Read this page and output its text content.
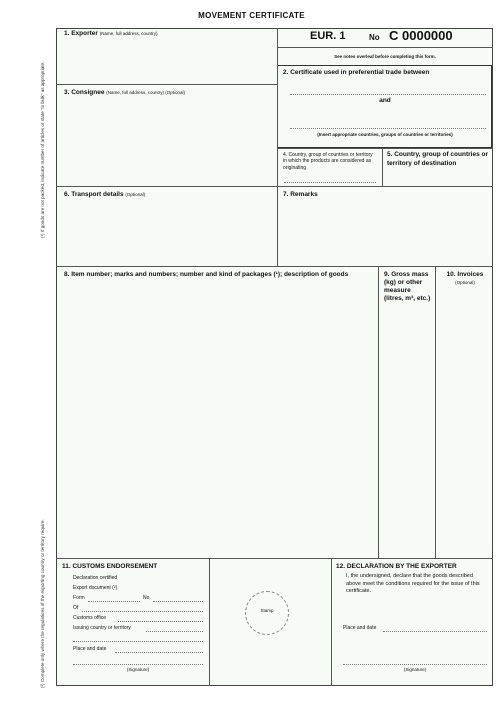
MOVEMENT CERTIFICATE
(¹) If goods are not packed, indicate number of articles or state "in bulk" as appropriate.
(²) Complete only where the regulations of the exporting country or territory require.
1. Exporter (Name, full address, country)	EUR. 1	No C 0000000
See notes overleaf before completing this form.
2. Certificate used in preferential trade between
and
(Insert appropriate countries, groups of countries or territories)
3. Consignee (Name, full address, country) (Optional)
4. Country, group of countries or territory in which the products are considered as originating
5. Country, group of countries or territory of destination
6. Transport details (Optional)	7. Remarks
8. Item number; marks and numbers; number and kind of packages (¹); description of goods	9. Gross mass (kg) or other measure (litres, m³, etc.)
10. Invoices
(Optional)
11. CUSTOMS ENDORSEMENT
Declaration certified
Export document (²)
Form	No.
Of
Customs office
Issuing country or territory
Place and date
(Signature)
Stamp
12. DECLARATION BY THE EXPORTER
I, the undersigned, declare that the goods described above meet the conditions required for the issue of this certificate.
Place and date
(Signature)
